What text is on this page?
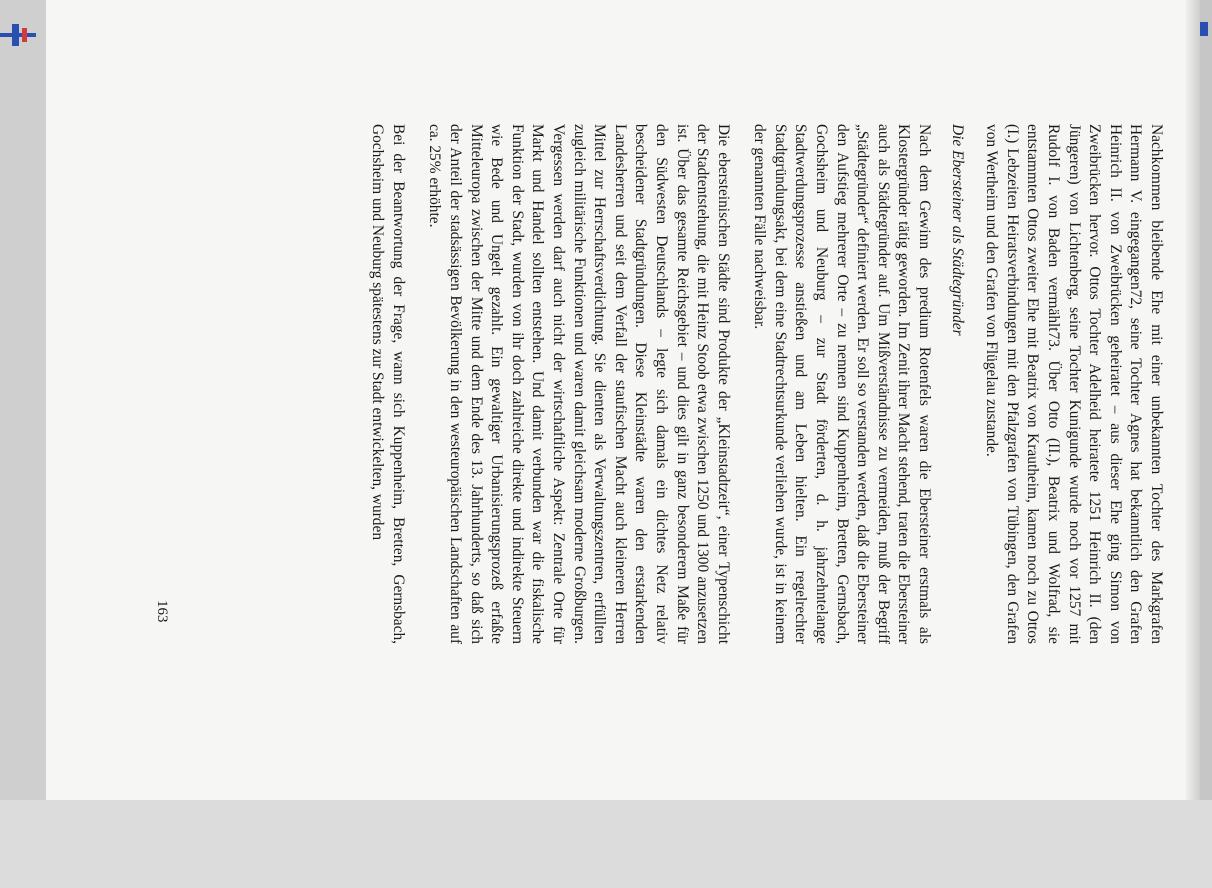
Nachkommen bleibende Ehe mit einer unbekannten Tochter des Markgrafen Hermann V. eingegangen72, seine Tochter Agnes hat bekanntlich den Grafen Heinrich II. von Zweibrücken geheiratet – aus dieser Ehe ging Simon von Zweibrücken hervor. Ottos Tochter Adelheid heiratete 1251 Heinrich II. (den Jüngeren) von Lichtenberg, seine Tochter Kunigunde wurde noch vor 1257 mit Rudolf I. von Baden vermählt73. Über Otto (II.), Beatrix und Wolfrad, sie entstammten Ottos zweiter Ehe mit Beatrix von Krautheim, kamen noch zu Ottos (I.) Lebzeiten Heiratsverbindungen mit den Pfalzgrafen von Tübingen, den Grafen von Wertheim und den Grafen von Flügelau zustande.

Die Ebersteiner als Städtegründer

Nach dem Gewinn des predium Rotenfels waren die Ebersteiner erstmals als Klostergründer tätig geworden. Im Zenit ihrer Macht stehend, traten die Ebersteiner auch als Städtegründer auf. Um Mißverständnisse zu vermeiden, muß der Begriff „Städtegründer“ definiert werden. Er soll so verstanden werden, daß die Ebersteiner den Aufstieg mehrerer Orte – zu nennen sind Kuppenheim, Bretten, Gernsbach, Gochsheim und Neuburg – zur Stadt förderten, d. h. jahrzehntelange Stadtwerdungsprozesse anstießen und am Leben hielten. Ein regelrechter Stadtgründungsakt, bei dem eine Stadtrechtsurkunde verliehen wurde, ist in keinem der genannten Fälle nachweisbar.

Die ebersteinischen Städte sind Produkte der „Kleinstadtzeit“, einer Typenschicht der Stadtentstehung, die mit Heinz Stoob etwa zwischen 1250 und 1300 anzusetzen ist. Über das gesamte Reichsgebiet – und dies gilt in ganz besonderem Maße für den Südwesten Deutschlands – legte sich damals ein dichtes Netz relativ bescheidener Stadtgründungen. Diese Kleinstädte waren den erstarkenden Landesherren und seit dem Verfall der staufischen Macht auch kleineren Herren Mittel zur Herrschaftsverdichtung. Sie dienten als Verwaltungszentren, erfüllten zugleich militärische Funktionen und waren damit gleichsam moderne Großburgen. Vergessen werden darf auch nicht der wirtschaftliche Aspekt: Zentrale Orte für Markt und Handel sollten entstehen. Und damit verbunden war die fiskalische Funktion der Stadt, wurden von ihr doch zahlreiche direkte und indirekte Steuern wie Bede und Ungelt gezahlt. Ein gewaltiger Urbanisierungsprozeß erfaßte Mitteleuropa zwischen der Mitte und dem Ende des 13. Jahrhunderts, so daß sich der Anteil der stadsässigen Bevölkerung in den westeuropäischen Landschaften auf ca. 25% erhöhte.

Bei der Beantwortung der Frage, wann sich Kuppenheim, Bretten, Gernsbach, Gochsheim und Neuburg spätestens zur Stadt entwickelten, wurden

163
